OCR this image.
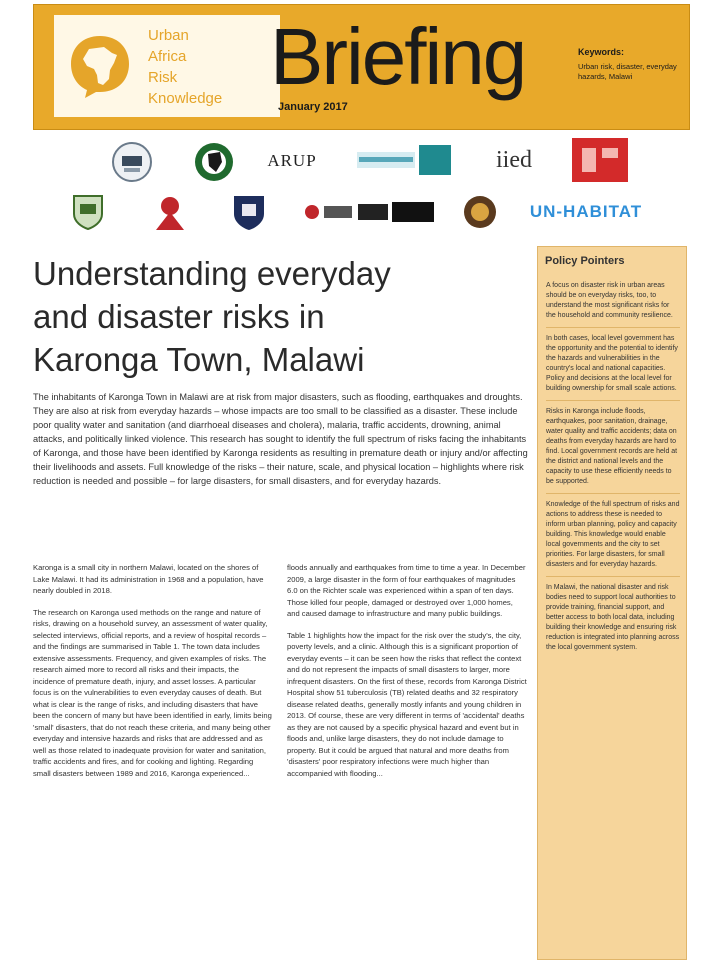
Urban
Africa
Risk
Knowledge Briefing
January 2017
Keywords:
Urban risk, disaster, everyday hazards, Malawi
ARUP	iied
UN-HABITAT
Understanding everyday
and disaster risks in
Karonga Town, Malawi
The inhabitants of Karonga Town in Malawi are at risk from major disasters, such as flooding, earthquakes and droughts. They are also at risk from everyday hazards – whose impacts are too small to be classified as a disaster. These include poor quality water and sanitation (and diarrhoeal diseases and cholera), malaria, traffic accidents, drowning, animal attacks, and politically linked violence. This research has sought to identify the full spectrum of risks facing the inhabitants of Karonga, and those have been identified by Karonga residents as resulting in premature death or injury and/or affecting their livelihoods and assets. Full knowledge of the risks – their nature, scale, and physical location – highlights where risk reduction is needed and possible – for large disasters, for small disasters, and for everyday hazards.

Karonga is a small city in northern Malawi, located on the shores of Lake Malawi. It had its administration in 1968 and a population, have nearly doubled in 2018.

The research on Karonga used methods on the range and nature of risks, drawing on a household survey, an assessment of water quality, selected interviews, official reports, and a review of hospital records – and the findings are summarised in Table 1. The town data includes extensive assessments. Frequency, and given examples of risks. The research aimed more to record all risks and their impacts, the incidence of premature death, injury, and asset losses. A particular focus is on the vulnerabilities to even everyday causes of death. But what is clear is the range of risks, and including disasters that have been the concern of many but have been identified in early, limits being 'small' disasters, that do not reach these criteria, and many being other everyday and intensive hazards and risks that are addressed and as well as those related to inadequate provision for water and sanitation, traffic accidents and fires, and for cooking and lighting. Regarding small disasters between 1989 and 2016, Karonga experienced...

floods annually and earthquakes from time to time a year. In December 2009, a large disaster in the form of four earthquakes of magnitudes 6.0 on the Richter scale was experienced within a span of ten days. Those killed four people, damaged or destroyed over 1,000 homes, and caused damage to infrastructure and many public buildings.

Table 1 highlights how the impact for the risk over the study's, the city, poverty levels, and a clinic. Although this is a significant proportion of everyday events – it can be seen how the risks that reflect the context and do not represent the impacts of small disasters to larger, more infrequent disasters. On the first of these, records from Karonga District Hospital show 51 tuberculosis (TB) related deaths and 32 respiratory disease related deaths, generally mostly infants and young children in 2013. Of course, these are very different in terms of 'accidental' deaths as they are not caused by a specific physical hazard and event but in floods and, unlike large disasters, they do not include damage to property. But it could be argued that natural and more deaths from 'disasters' poor respiratory infections were much higher than accompanied with flooding...

Policy Pointers
A focus on disaster risk in urban areas should be on everyday risks, too, to understand the most significant risks for the household and community resilience.
In both cases, local level government has the opportunity and the potential to identify the hazards and vulnerabilities in the country's local and national capacities. Policy and decisions at the local level for building ownership for small scale actions.
Risks in Karonga include floods, earthquakes, poor sanitation, drainage, water quality and traffic accidents; data on deaths from everyday hazards are hard to find. Local government records are held at the district and national levels and the capacity to use these efficiently needs to be supported.
Knowledge of the full spectrum of risks and actions to address these is needed to inform urban planning, policy and capacity building. This knowledge would enable local governments and the city to set priorities. For large disasters, for small disasters and for everyday hazards.
In Malawi, the national disaster and risk bodies need to support local authorities to provide training, financial support, and better access to both local data, including building their knowledge and ensuring risk reduction is integrated into planning across the local government system.
